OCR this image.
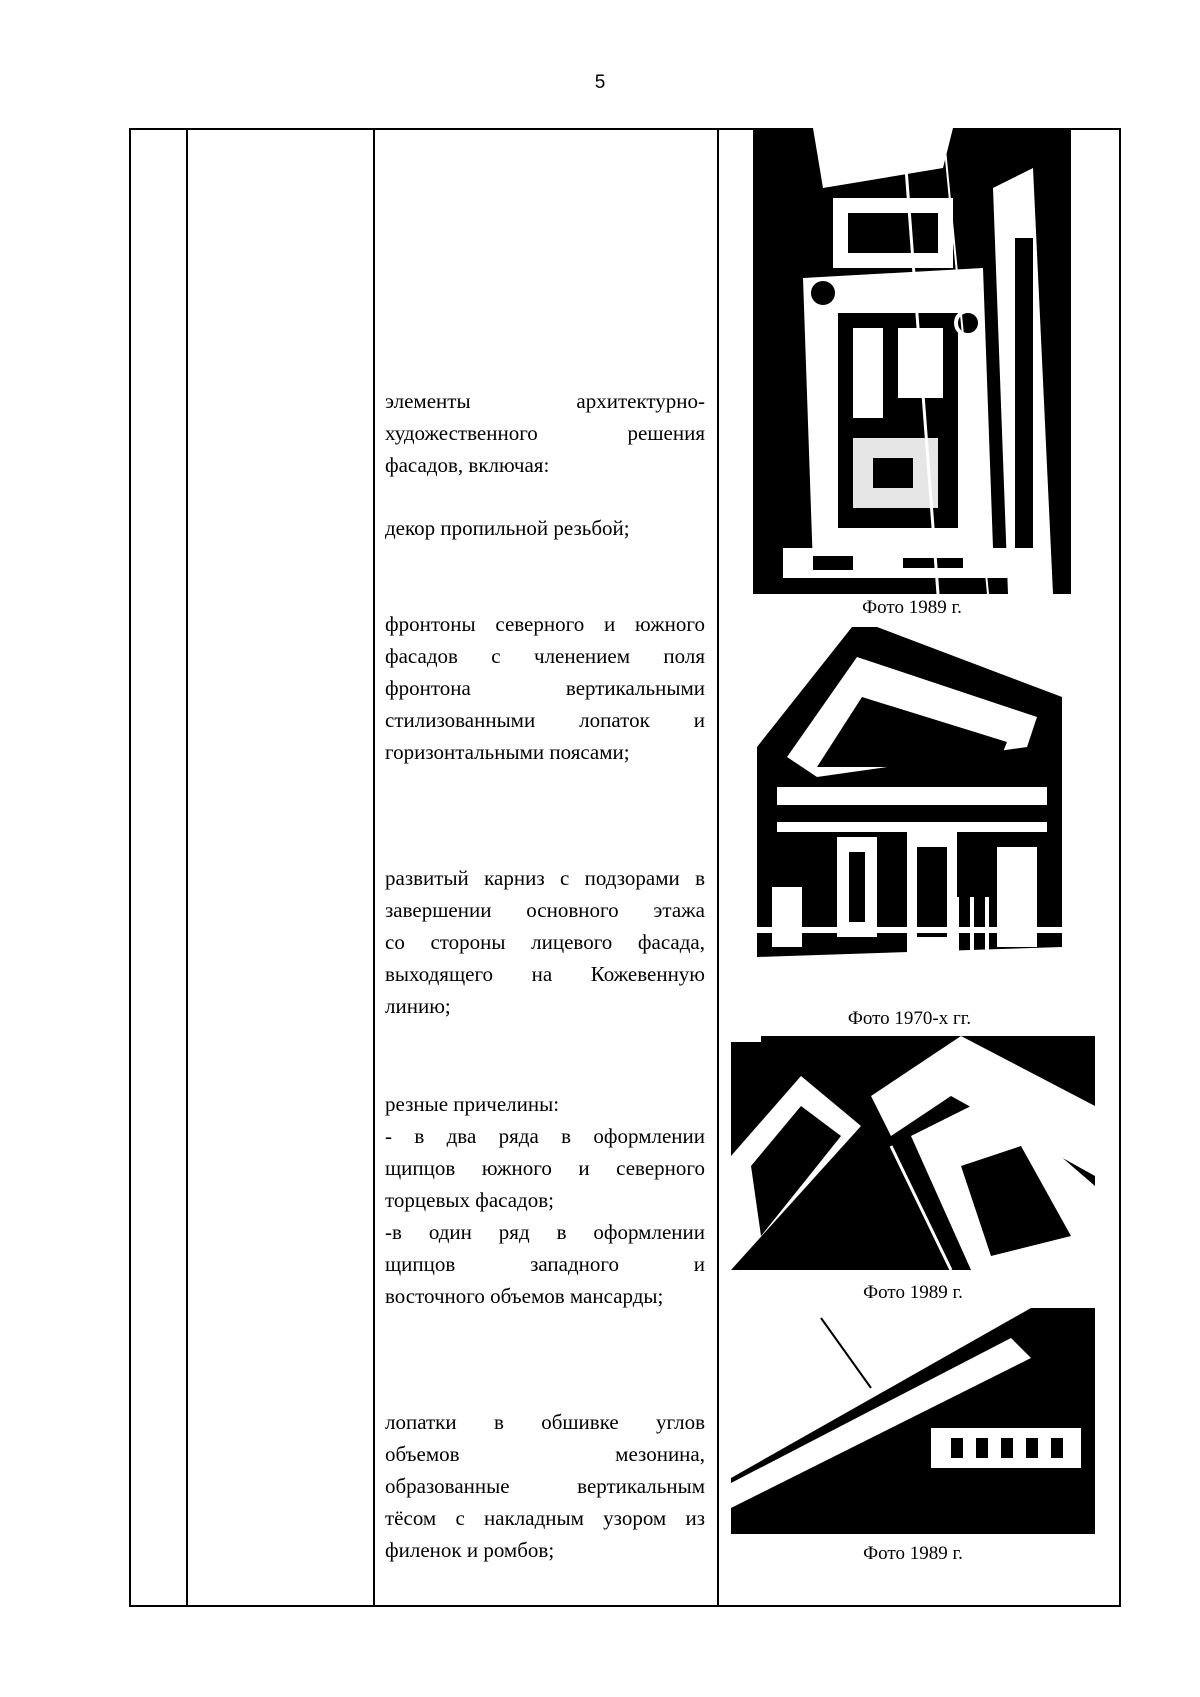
5

элементы архитектурно-

художественного решения

фасадов, включая:

декор пропильной резьбой;

фронтоны северного и южного

фасадов с членением поля

фронтона вертикальными

стилизованными лопаток и

горизонтальными поясами;

развитый карниз с подзорами в

завершении основного этажа

со стороны лицевого фасада,

выходящего на Кожевенную

линию;

резные причелины:

- в два ряда в оформлении

щипцов южного и северного

торцевых фасадов;

-в один ряд в оформлении

щипцов западного и

восточного объемов мансарды;

лопатки в обшивке углов

объемов мезонина,

образованные вертикальным

тёсом с накладным узором из

филенок и ромбов;

Фото 1989 г.
Фото 1970-х гг.
Фото 1989 г.
Фото 1989 г.
